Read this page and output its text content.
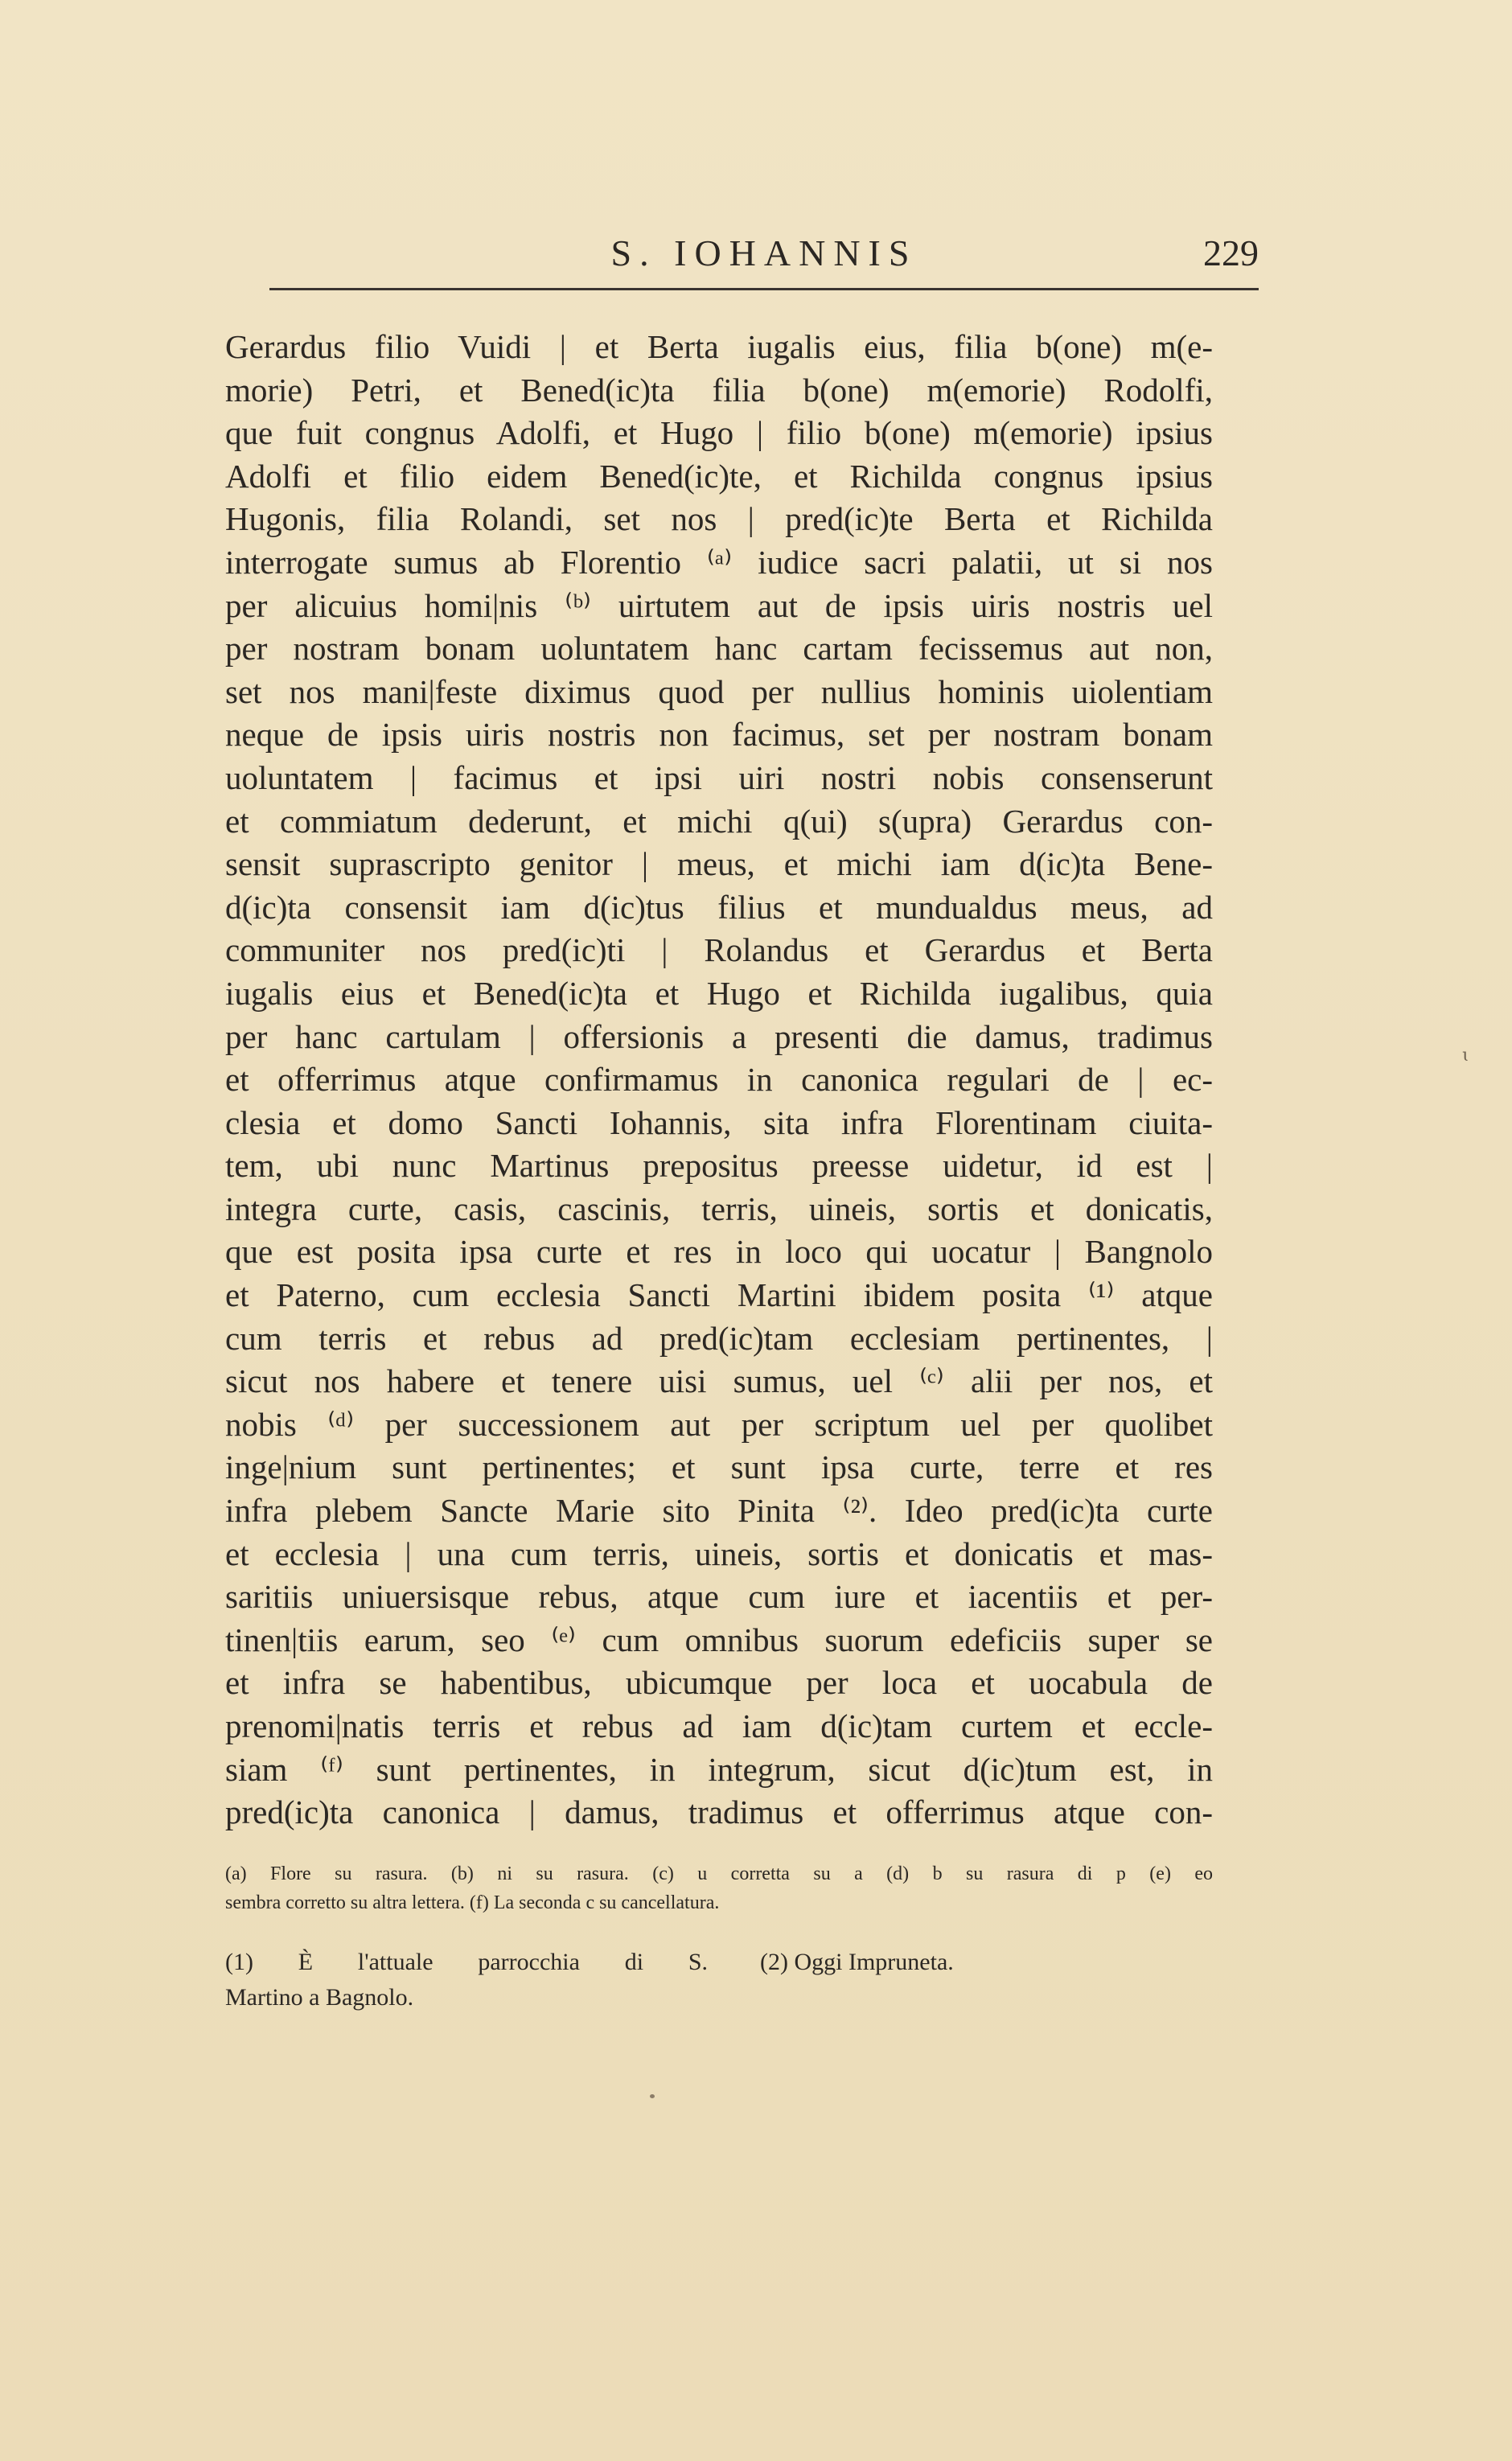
S. IOHANNIS	229
Gerardus filio Vuidi | et Berta iugalis eius, filia b(one) m(e-
morie) Petri, et Bened(ic)ta filia b(one) m(emorie) Rodolfi,
que fuit congnus Adolfi, et Hugo | filio b(one) m(emorie) ipsius
Adolfi et filio eidem Bened(ic)te, et Richilda congnus ipsius
Hugonis, filia Rolandi, set nos | pred(ic)te Berta et Richilda
interrogate sumus ab Florentio ⁽ᵃ⁾ iudice sacri palatii, ut si nos
per alicuius homi|nis ⁽ᵇ⁾ uirtutem aut de ipsis uiris nostris uel
per nostram bonam uoluntatem hanc cartam fecissemus aut non,
set nos mani|feste diximus quod per nullius hominis uiolentiam
neque de ipsis uiris nostris non facimus, set per nostram bonam
uoluntatem | facimus et ipsi uiri nostri nobis consenserunt
et commiatum dederunt, et michi q(ui) s(upra) Gerardus con-
sensit suprascripto genitor | meus, et michi iam d(ic)ta Bene-
d(ic)ta consensit iam d(ic)tus filius et mundualdus meus, ad
communiter nos pred(ic)ti | Rolandus et Gerardus et Berta
iugalis eius et Bened(ic)ta et Hugo et Richilda iugalibus, quia
per hanc cartulam | offersionis a presenti die damus, tradimus
et offerrimus atque confirmamus in canonica regulari de | ec-
clesia et domo Sancti Iohannis, sita infra Florentinam ciuita-
tem, ubi nunc Martinus prepositus preesse uidetur, id est |
integra curte, casis, cascinis, terris, uineis, sortis et donicatis,
que est posita ipsa curte et res in loco qui uocatur | Bangnolo
et Paterno, cum ecclesia Sancti Martini ibidem posita ⁽¹⁾ atque
cum terris et rebus ad pred(ic)tam ecclesiam pertinentes, |
sicut nos habere et tenere uisi sumus, uel ⁽ᶜ⁾ alii per nos, et
nobis ⁽ᵈ⁾ per successionem aut per scriptum uel per quolibet
inge|nium sunt pertinentes; et sunt ipsa curte, terre et res
infra plebem Sancte Marie sito Pinita ⁽²⁾. Ideo pred(ic)ta curte
et ecclesia | una cum terris, uineis, sortis et donicatis et mas-
saritiis uniuersisque rebus, atque cum iure et iacentiis et per-
tinen|tiis earum, seo ⁽ᵉ⁾ cum omnibus suorum edeficiis super se
et infra se habentibus, ubicumque per loca et uocabula de
prenomi|natis terris et rebus ad iam d(ic)tam curtem et eccle-
siam ⁽ᶠ⁾ sunt pertinentes, in integrum, sicut d(ic)tum est, in
pred(ic)ta canonica | damus, tradimus et offerrimus atque con-
(a) Flore su rasura. (b) ni su rasura. (c) u corretta su a (d) b su rasura di p (e) eo
sembra corretto su altra lettera. (f) La seconda c su cancellatura.
(1) È l'attuale parrocchia di S.
Martino a Bagnolo.
(2) Oggi Impruneta.
ɩ
